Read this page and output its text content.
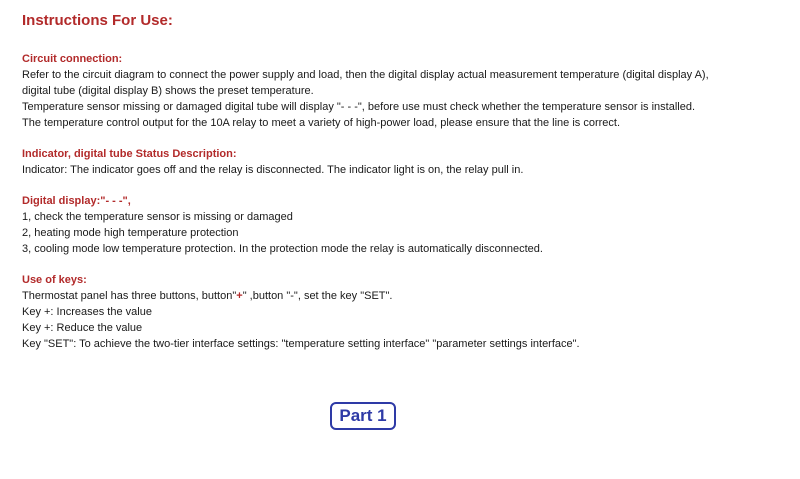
Instructions For Use:
Circuit connection:
Refer to the circuit diagram to connect the power supply and load, then the digital display actual measurement temperature (digital display A),
digital tube (digital display B) shows the preset temperature.
Temperature sensor missing or damaged digital tube will display "- - -", before use must check whether the temperature sensor is installed.
The temperature control output for the 10A relay to meet a variety of high-power load, please ensure that the line is correct.
Indicator, digital tube Status Description:
Indicator: The indicator goes off and the relay is disconnected. The indicator light is on, the relay pull in.
Digital display:"- - -",
1, check the temperature sensor is missing or damaged
2, heating mode high temperature protection
3, cooling mode low temperature protection. In the protection mode the relay is automatically disconnected.
Use of keys:
Thermostat panel has three buttons, button"+" ,button "-", set the key "SET".
Key +: Increases the value
Key +: Reduce the value
Key "SET": To achieve the two-tier interface settings: "temperature setting interface" "parameter settings interface".
Part 1
